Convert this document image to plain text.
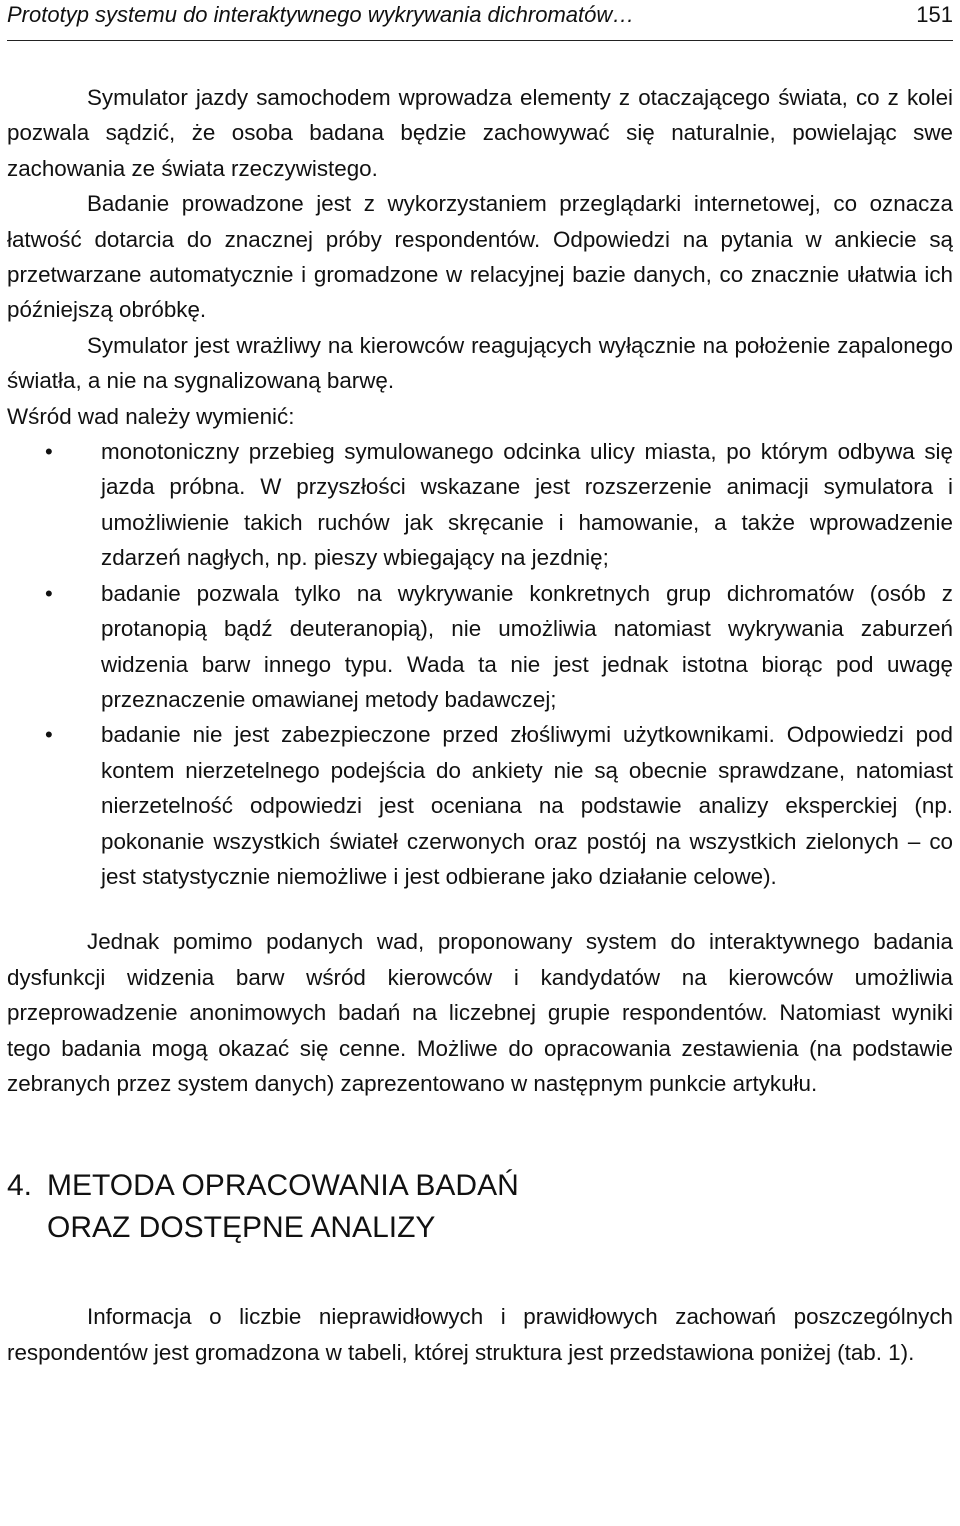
Prototyp systemu do interaktywnego wykrywania dichromatów…	151

Symulator jazdy samochodem wprowadza elementy z otaczającego świata, co z kolei pozwala sądzić, że osoba badana będzie zachowywać się naturalnie, powielając swe zachowania ze świata rzeczywistego.

Badanie prowadzone jest z wykorzystaniem przeglądarki internetowej, co oznacza łatwość dotarcia do znacznej próby respondentów. Odpowiedzi na pytania w ankiecie są przetwarzane automatycznie i gromadzone w relacyjnej bazie danych, co znacznie ułatwia ich późniejszą obróbkę.

Symulator jest wrażliwy na kierowców reagujących wyłącznie na położenie zapalonego światła, a nie na sygnalizowaną barwę.

Wśród wad należy wymienić:

• monotoniczny przebieg symulowanego odcinka ulicy miasta, po którym odbywa się jazda próbna. W przyszłości wskazane jest rozszerzenie animacji symulatora i umożliwienie takich ruchów jak skręcanie i hamowanie, a także wprowadzenie zdarzeń nagłych, np. pieszy wbiegający na jezdnię;
• badanie pozwala tylko na wykrywanie konkretnych grup dichromatów (osób z protanopią bądź deuteranopią), nie umożliwia natomiast wykrywania zaburzeń widzenia barw innego typu. Wada ta nie jest jednak istotna biorąc pod uwagę przeznaczenie omawianej metody badawczej;
• badanie nie jest zabezpieczone przed złośliwymi użytkownikami. Odpowiedzi pod kontem nierzetelnego podejścia do ankiety nie są obecnie sprawdzane, natomiast nierzetelność odpowiedzi jest oceniana na podstawie analizy eksperckiej (np. pokonanie wszystkich świateł czerwonych oraz postój na wszystkich zielonych – co jest statystycznie niemożliwe i jest odbierane jako działanie celowe).

Jednak pomimo podanych wad, proponowany system do interaktywnego badania dysfunkcji widzenia barw wśród kierowców i kandydatów na kierowców umożliwia przeprowadzenie anonimowych badań na liczebnej grupie respondentów. Natomiast wyniki tego badania mogą okazać się cenne. Możliwe do opracowania zestawienia (na podstawie zebranych przez system danych) zaprezentowano w następnym punkcie artykułu.

4. METODA OPRACOWANIA BADAŃ
ORAZ DOSTĘPNE ANALIZY

Informacja o liczbie nieprawidłowych i prawidłowych zachowań poszczególnych respondentów jest gromadzona w tabeli, której struktura jest przedstawiona poniżej (tab. 1).
